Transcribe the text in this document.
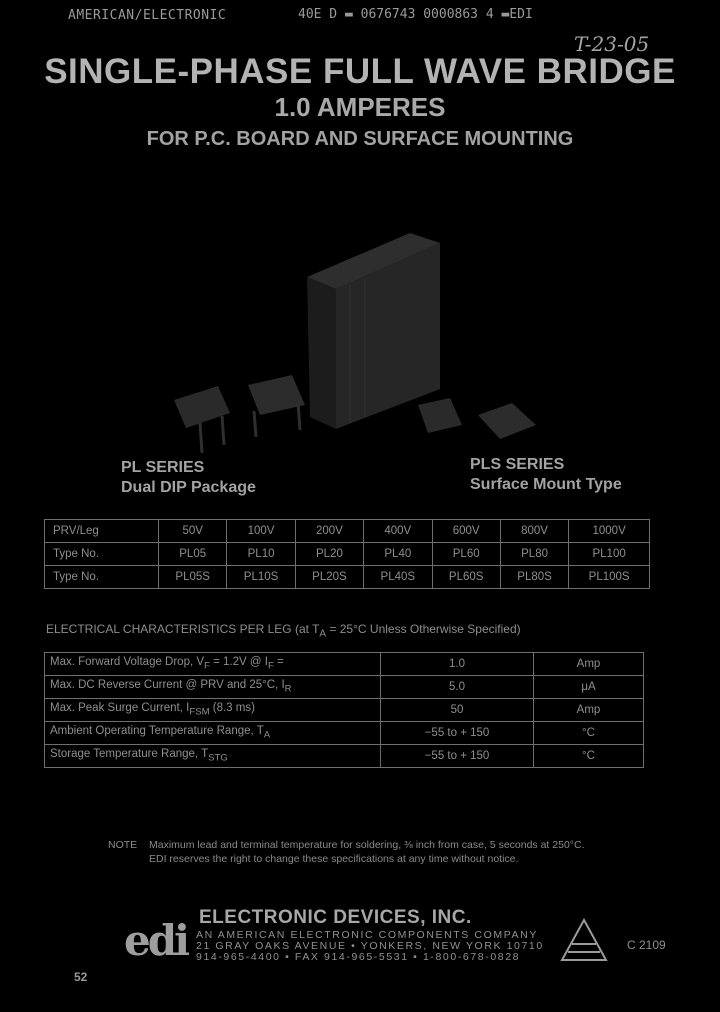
AMERICAN/ELECTRONIC	40E D ▬ 0676743 0000863 4 ▬EDI
T-23-05
SINGLE-PHASE FULL WAVE BRIDGE
1.0 AMPERES
FOR P.C. BOARD AND SURFACE MOUNTING
PL SERIES
Dual DIP Package
PLS SERIES
Surface Mount Type
PRV/Leg	50V	100V	200V	400V	600V	800V	1000V
Type No.	PL05	PL10	PL20	PL40	PL60	PL80	PL100
Type No.	PL05S	PL10S	PL20S	PL40S	PL60S	PL80S	PL100S
ELECTRICAL CHARACTERISTICS PER LEG (at $T_A = 25^\circ C$ Unless Otherwise Specified)
Max. Forward Voltage Drop, $V_F = 1.2V$ @ $I_F$ =	1.0	Amp
Max. DC Reverse Current @ PRV and 25°C, $I_R$	5.0	μA
Max. Peak Surge Current, $I_{FSM}$ (8.3 ms)	50	Amp
Ambient Operating Temperature Range, $T_A$	−55 to + 150	°C
Storage Temperature Range, $T_{STG}$	−55 to + 150	°C
NOTE Maximum lead and terminal temperature for soldering, ⅜ inch from case, 5 seconds at 250°C.
EDI reserves the right to change these specifications at any time without notice.
edi ELECTRONIC DEVICES, INC.
AN AMERICAN ELECTRONIC COMPONENTS COMPANY
21 GRAY OAKS AVENUE • YONKERS, NEW YORK 10710
914-965-4400 • FAX 914-965-5531 • 1-800-678-0828
C 2109
52
